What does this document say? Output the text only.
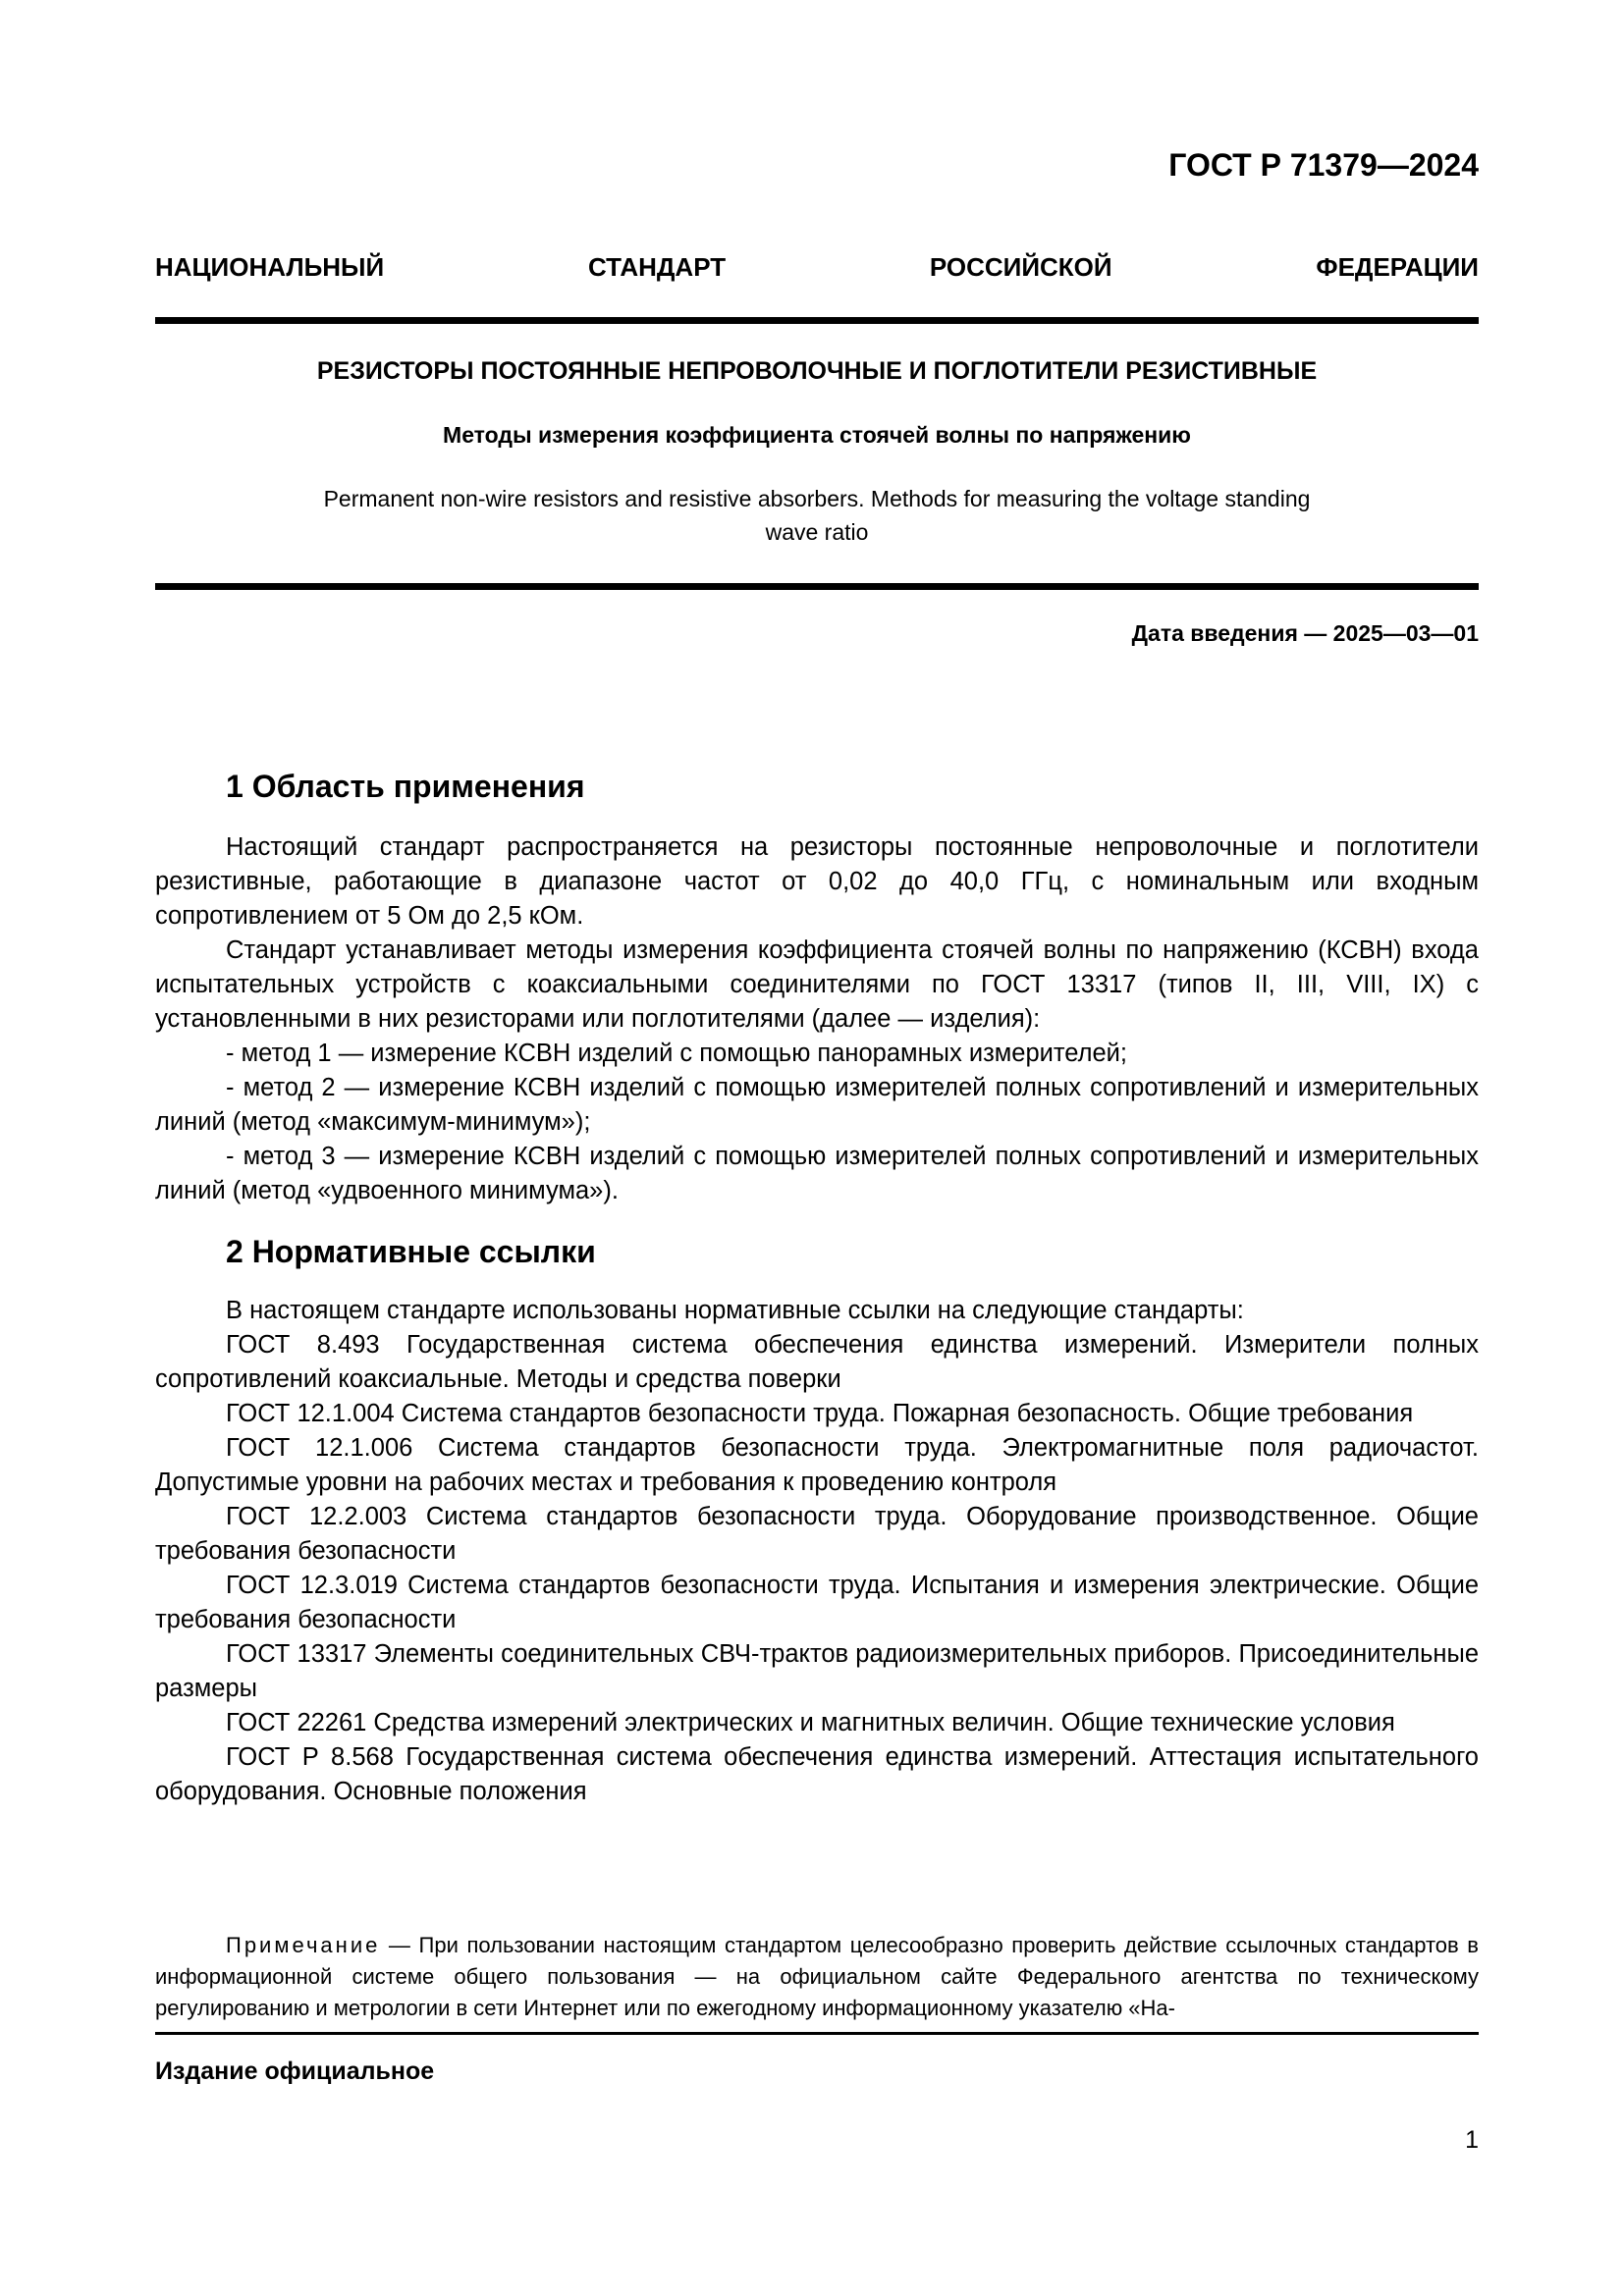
ГОСТ Р 71379—2024
НАЦИОНАЛЬНЫЙ СТАНДАРТ РОССИЙСКОЙ ФЕДЕРАЦИИ
РЕЗИСТОРЫ ПОСТОЯННЫЕ НЕПРОВОЛОЧНЫЕ И ПОГЛОТИТЕЛИ РЕЗИСТИВНЫЕ
Методы измерения коэффициента стоячей волны по напряжению
Permanent non-wire resistors and resistive absorbers. Methods for measuring the voltage standing wave ratio
Дата введения — 2025—03—01
1 Область применения

Настоящий стандарт распространяется на резисторы постоянные непроволочные и поглотители резистивные, работающие в диапазоне частот от 0,02 до 40,0 ГГц, с номинальным или входным сопротивлением от 5 Ом до 2,5 кОм.

Стандарт устанавливает методы измерения коэффициента стоячей волны по напряжению (КСВН) входа испытательных устройств с коаксиальными соединителями по ГОСТ 13317 (типов II, III, VIII, IX) с установленными в них резисторами или поглотителями (далее — изделия):

- метод 1 — измерение КСВН изделий с помощью панорамных измерителей;

- метод 2 — измерение КСВН изделий с помощью измерителей полных сопротивлений и измерительных линий (метод «максимум-минимум»);

- метод 3 — измерение КСВН изделий с помощью измерителей полных сопротивлений и измерительных линий (метод «удвоенного минимума»).

2 Нормативные ссылки

В настоящем стандарте использованы нормативные ссылки на следующие стандарты:

ГОСТ 8.493 Государственная система обеспечения единства измерений. Измерители полных сопротивлений коаксиальные. Методы и средства поверки

ГОСТ 12.1.004 Система стандартов безопасности труда. Пожарная безопасность. Общие требования

ГОСТ 12.1.006 Система стандартов безопасности труда. Электромагнитные поля радиочастот. Допустимые уровни на рабочих местах и требования к проведению контроля

ГОСТ 12.2.003 Система стандартов безопасности труда. Оборудование производственное. Общие требования безопасности

ГОСТ 12.3.019 Система стандартов безопасности труда. Испытания и измерения электрические. Общие требования безопасности

ГОСТ 13317 Элементы соединительных СВЧ-трактов радиоизмерительных приборов. Присоединительные размеры

ГОСТ 22261 Средства измерений электрических и магнитных величин. Общие технические условия

ГОСТ Р 8.568 Государственная система обеспечения единства измерений. Аттестация испытательного оборудования. Основные положения

Примечание — При пользовании настоящим стандартом целесообразно проверить действие ссылочных стандартов в информационной системе общего пользования — на официальном сайте Федерального агентства по техническому регулированию и метрологии в сети Интернет или по ежегодному информационному указателю «На-
Издание официальное
1
